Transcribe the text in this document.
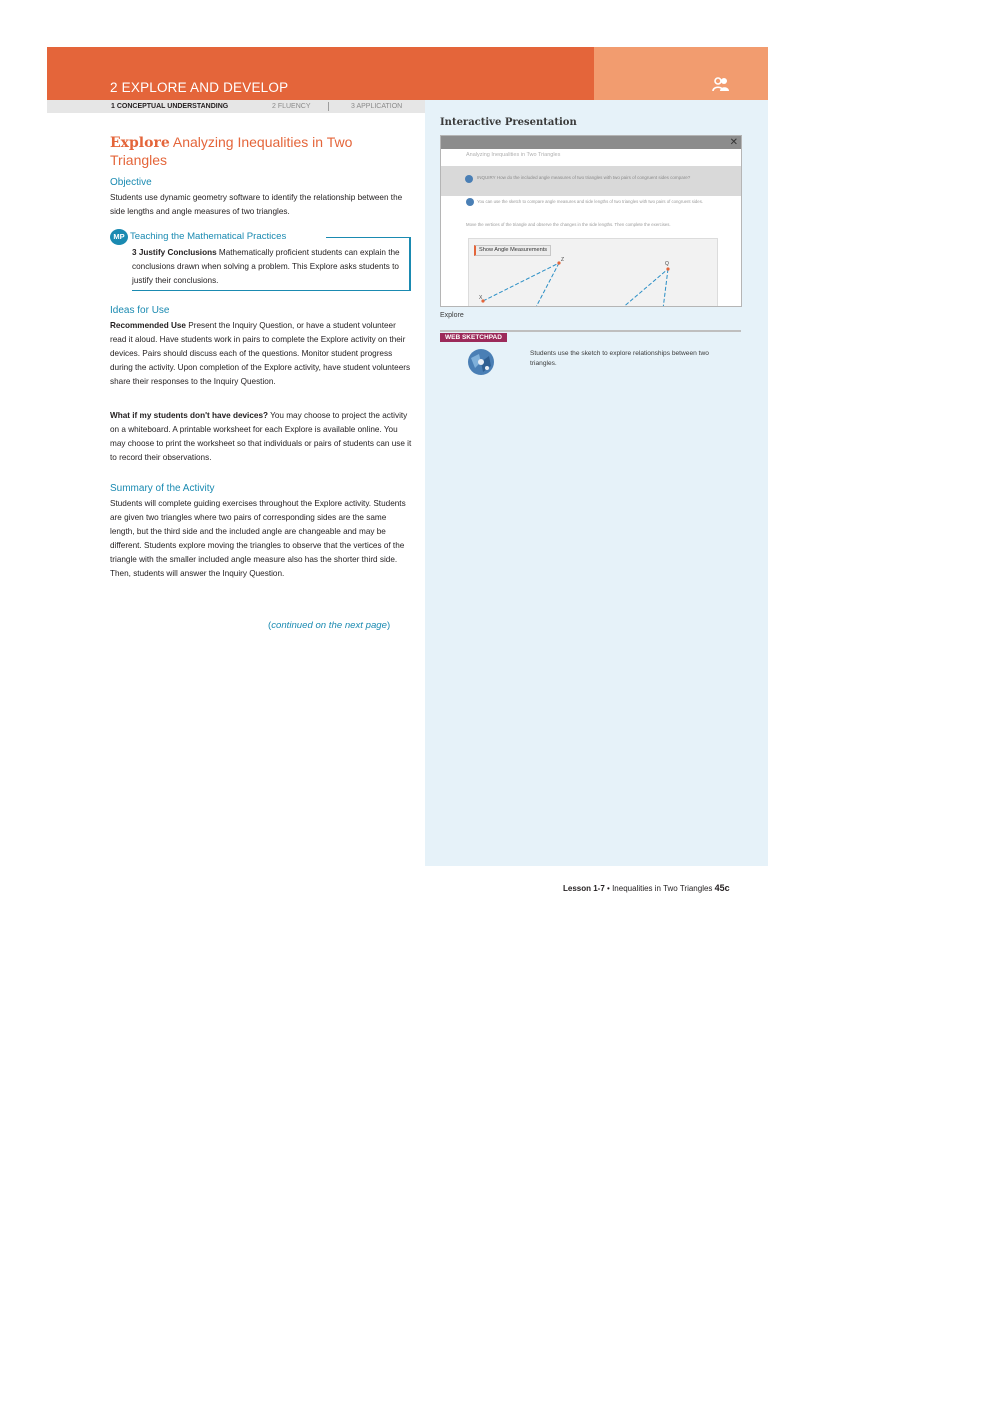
2 EXPLORE AND DEVELOP
1 CONCEPTUAL UNDERSTANDING	2 FLUENCY	3 APPLICATION
Explore Analyzing Inequalities in Two Triangles
Objective
Students use dynamic geometry software to identify the relationship between the side lengths and angle measures of two triangles.
MP Teaching the Mathematical Practices
3 Justify Conclusions Mathematically proficient students can explain the conclusions drawn when solving a problem. This Explore asks students to justify their conclusions.
Ideas for Use
Recommended Use Present the Inquiry Question, or have a student volunteer read it aloud. Have students work in pairs to complete the Explore activity on their devices. Pairs should discuss each of the questions. Monitor student progress during the activity. Upon completion of the Explore activity, have student volunteers share their responses to the Inquiry Question.
What if my students don't have devices? You may choose to project the activity on a whiteboard. A printable worksheet for each Explore is available online. You may choose to print the worksheet so that individuals or pairs of students can use it to record their observations.
Summary of the Activity
Students will complete guiding exercises throughout the Explore activity. Students are given two triangles where two pairs of corresponding sides are the same length, but the third side and the included angle are changeable and may be different. Students explore moving the triangles to observe that the vertices of the triangle with the smaller included angle measure also has the shorter third side. Then, students will answer the Inquiry Question.
(continued on the next page)
Interactive Presentation
✕
Analyzing Inequalities in Two Triangles
INQUIRY How do the included angle measures of two triangles with two pairs of congruent sides compare?
You can use the sketch to compare angle measures and side lengths of two triangles with two pairs of congruent sides.
Move the vertices of the triangle and observe the changes in the side lengths. Then complete the exercises.
Show Angle Measurements
Z
Q
X
Explore
WEB SKETCHPAD
Students use the sketch to explore relationships between two triangles.
Lesson 1-7 • Inequalities in Two Triangles 45c
